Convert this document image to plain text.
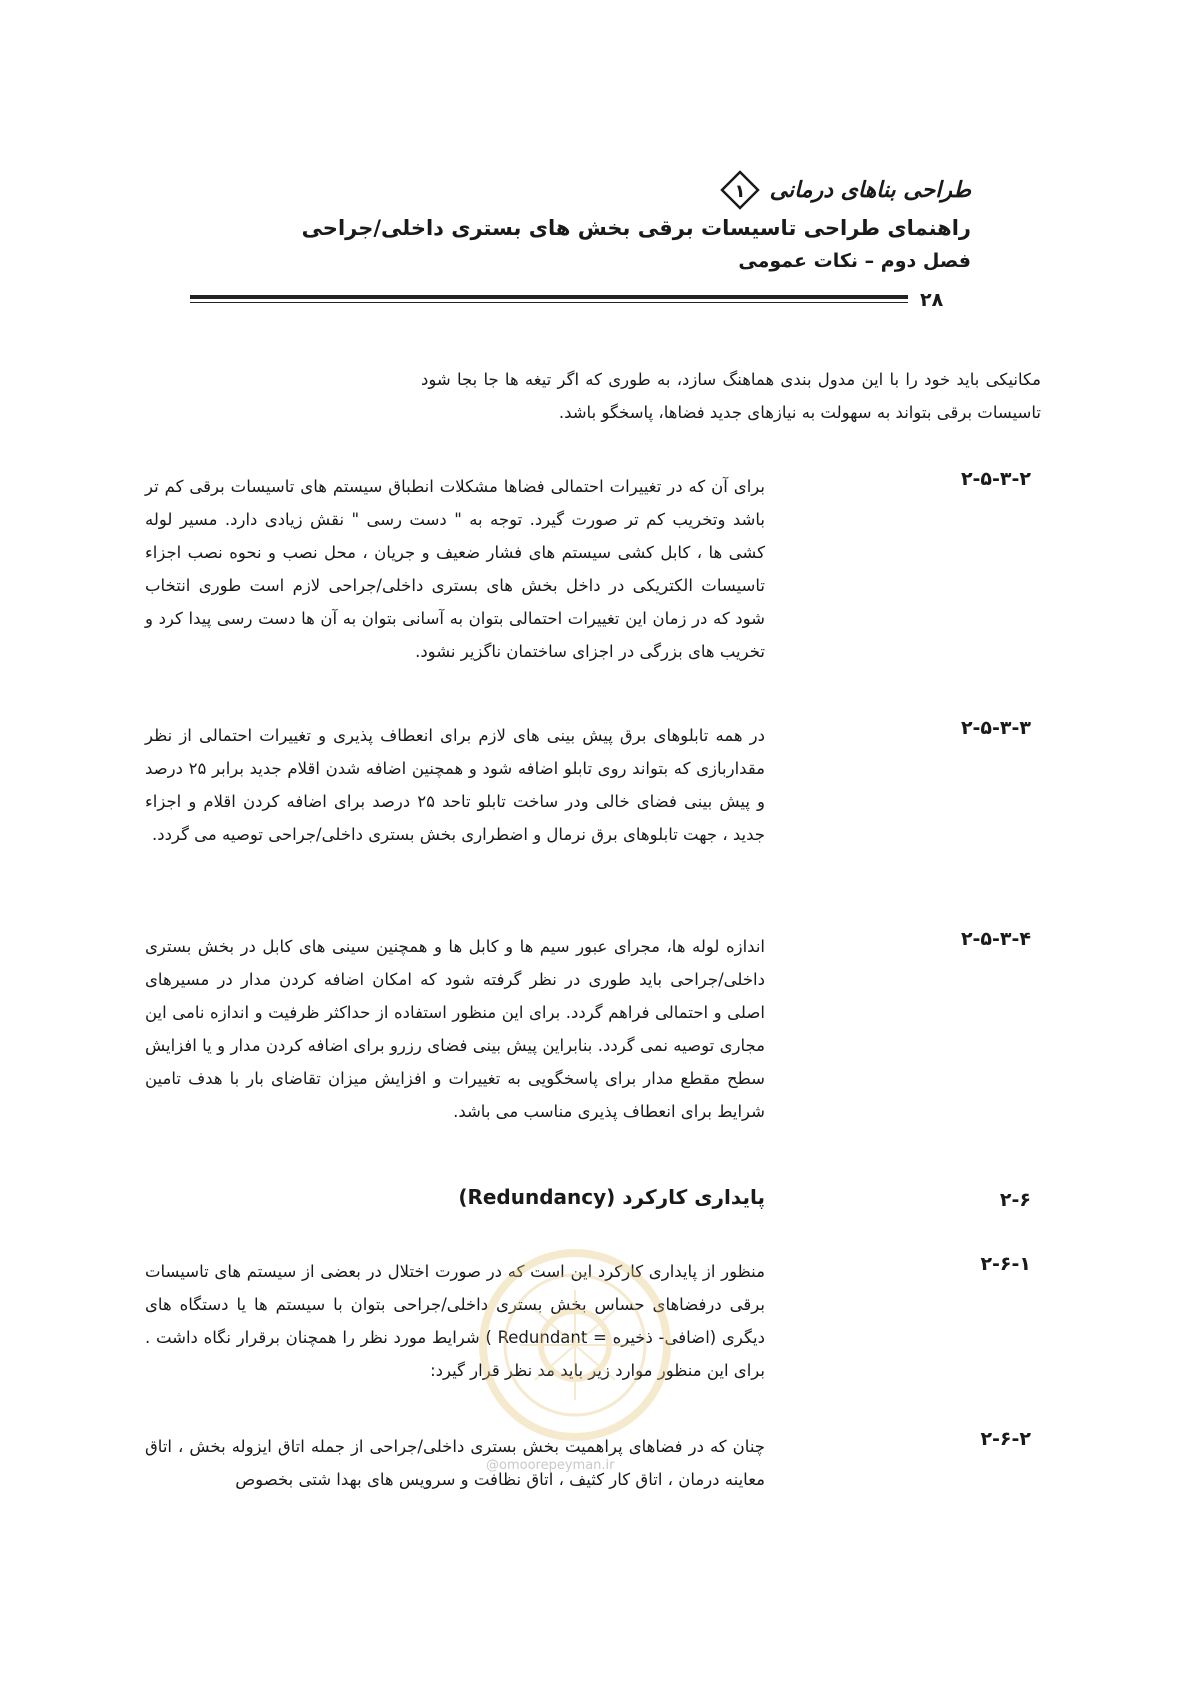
طراحی بناهای درمانی
۱
راهنمای طراحی تاسیسات برقی بخش های بستری داخلی/جراحی
فصل دوم – نکات عمومی
۲۸
مکانیکی باید خود را با این مدول بندی هماهنگ سازد، به طوری که اگر تیغه ها جا بجا شود تاسیسات برقی بتواند به سهولت به نیازهای جدید فضاها، پاسخگو باشد.
۲-۵-۳-۲
برای آن که در تغییرات احتمالی فضاها مشکلات انطباق سیستم های تاسیسات برقی کم تر باشد وتخریب کم تر صورت گیرد. توجه به " دست رسی " نقش زیادی دارد. مسیر لوله کشی ها ، کابل کشی سیستم های فشار ضعیف و جریان ، محل نصب و نحوه نصب اجزاء تاسیسات الکتریکی در داخل بخش های بستری داخلی/جراحی لازم است طوری انتخاب شود که در زمان این تغییرات احتمالی بتوان به آسانی بتوان به آن ها دست رسی پیدا کرد و تخریب های بزرگی در اجزای ساختمان ناگزیر نشود.
۲-۵-۳-۳
در همه تابلوهای برق پیش بینی های لازم برای انعطاف پذیری و تغییرات احتمالی از نظر مقداربازی که بتواند روی تابلو اضافه شود و همچنین اضافه شدن اقلام جدید برابر ۲۵ درصد و پیش بینی فضای خالی ودر ساخت تابلو تاحد ۲۵ درصد برای اضافه کردن اقلام و اجزاء جدید ، جهت تابلوهای برق نرمال و اضطراری بخش بستری داخلی/جراحی توصیه می گردد.
۲-۵-۳-۴
اندازه لوله ها، مجرای عبور سیم ها و کابل ها و همچنین سینی های کابل در بخش بستری داخلی/جراحی باید طوری در نظر گرفته شود که امکان اضافه کردن مدار در مسیرهای اصلی و احتمالی فراهم گردد. برای این منظور استفاده از حداکثر ظرفیت و اندازه نامی این مجاری توصیه نمی گردد. بنابراین پیش بینی فضای رزرو برای اضافه کردن مدار و یا افزایش سطح مقطع مدار برای پاسخگویی به تغییرات و افزایش میزان تقاضای بار با هدف تامین شرایط برای انعطاف پذیری مناسب می باشد.
۲-۶
پایداری کارکرد (Redundancy)
۲-۶-۱
منظور از پایداری کارکرد این است که در صورت اختلال در بعضی از سیستم های تاسیسات برقی درفضاهای حساس بخش بستری داخلی/جراحی بتوان با سیستم ها یا دستگاه های دیگری (اضافی- ذخیره = Redundant ) شرایط مورد نظر را همچنان برقرار نگاه داشت . برای این منظور موارد زیر باید مد نظر قرار گیرد:
۲-۶-۲
چنان که در فضاهای پراهمیت بخش بستری داخلی/جراحی از جمله اتاق ایزوله بخش ، اتاق معاینه درمان ، اتاق کار کثیف ، اتاق نظافت و سرویس های بهدا شتی بخصوص
@omoorepeyman.ir
